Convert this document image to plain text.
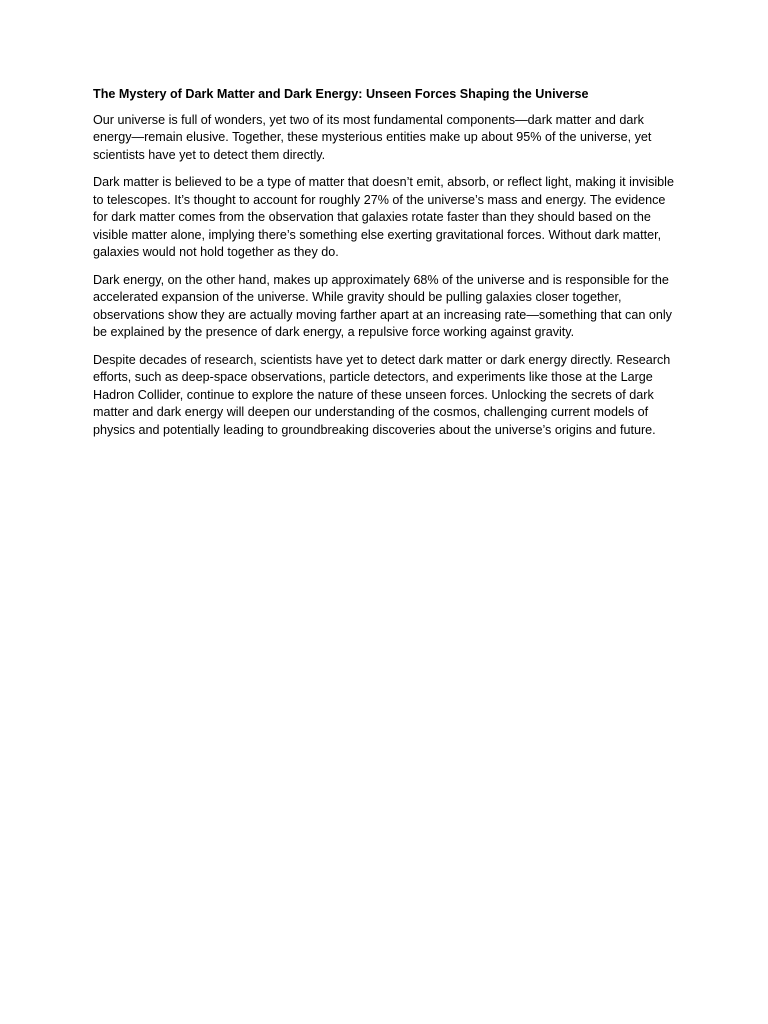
The Mystery of Dark Matter and Dark Energy: Unseen Forces Shaping the Universe

Our universe is full of wonders, yet two of its most fundamental components—dark matter and dark energy—remain elusive. Together, these mysterious entities make up about 95% of the universe, yet scientists have yet to detect them directly.

Dark matter is believed to be a type of matter that doesn’t emit, absorb, or reflect light, making it invisible to telescopes. It’s thought to account for roughly 27% of the universe’s mass and energy. The evidence for dark matter comes from the observation that galaxies rotate faster than they should based on the visible matter alone, implying there’s something else exerting gravitational forces. Without dark matter, galaxies would not hold together as they do.

Dark energy, on the other hand, makes up approximately 68% of the universe and is responsible for the accelerated expansion of the universe. While gravity should be pulling galaxies closer together, observations show they are actually moving farther apart at an increasing rate—something that can only be explained by the presence of dark energy, a repulsive force working against gravity.

Despite decades of research, scientists have yet to detect dark matter or dark energy directly. Research efforts, such as deep-space observations, particle detectors, and experiments like those at the Large Hadron Collider, continue to explore the nature of these unseen forces. Unlocking the secrets of dark matter and dark energy will deepen our understanding of the cosmos, challenging current models of physics and potentially leading to groundbreaking discoveries about the universe’s origins and future.
